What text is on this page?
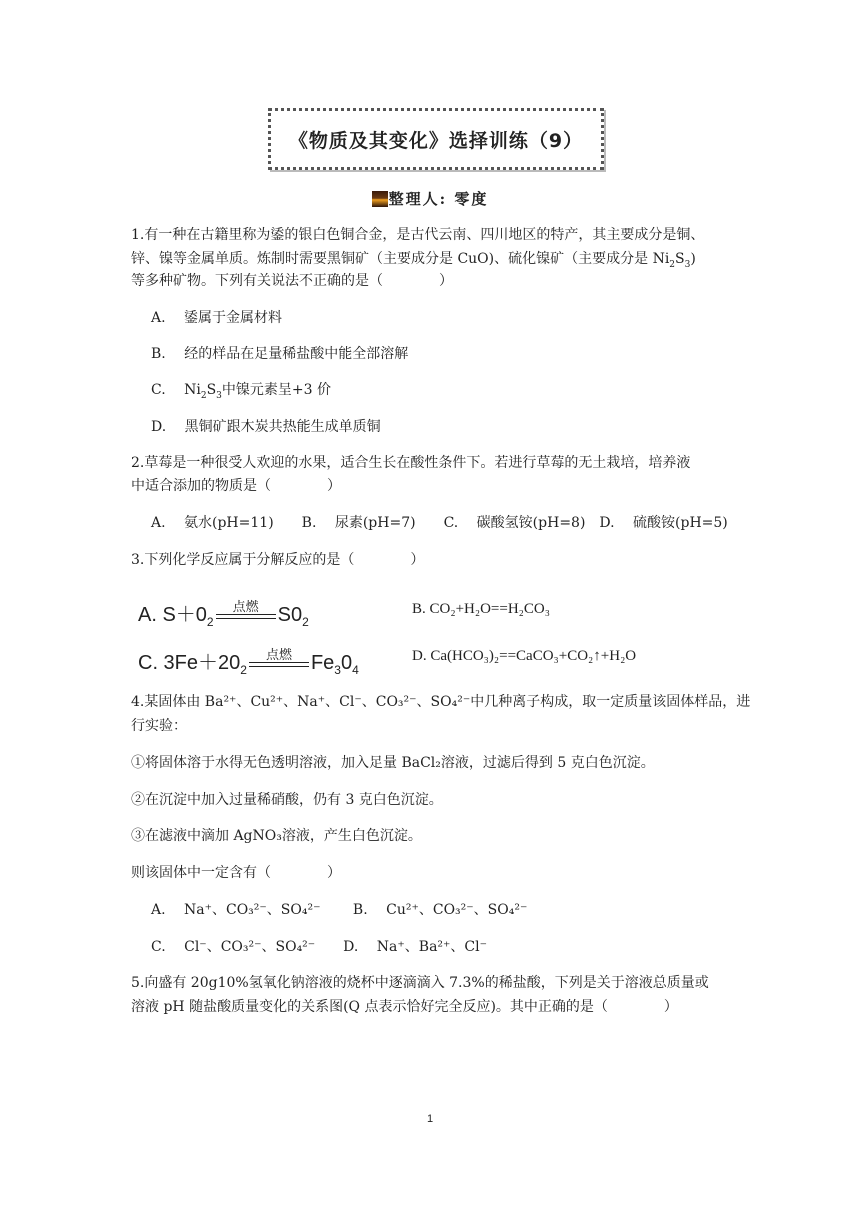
《物质及其变化》选择训练（9）
整理人: 零度
1.有一种在古籍里称为鋈的银白色铜合金，是古代云南、四川地区的特产，其主要成分是铜、
锌、镍等金属单质。炼制时需要黑铜矿（主要成分是 CuO)、硫化镍矿（主要成分是 $Ni_2S_3$)
等多种矿物。下列有关说法不正确的是（　　　　）
A.　 鋈属于金属材料
B.　 经的样品在足量稀盐酸中能全部溶解
C.　 $Ni_2S_3$中镍元素呈+3 价
D.　 黑铜矿跟木炭共热能生成单质铜
2.草莓是一种很受人欢迎的水果，适合生长在酸性条件下。若进行草莓的无土栽培，培养液
中适合添加的物质是（　　　　）
A.　 氨水(pH=11)　　B.　 尿素(pH=7)　　C.　 碳酸氢铵(pH=8)　D.　 硫酸铵(pH=5)
3.下列化学反应属于分解反应的是（　　　　）
A. $S+0_2$
点燃 $S0_2$
B. CO₂+H₂O==H₂CO₃
C. $3Fe+20_2$
点燃 $Fe_30_4$
D. Ca(HCO₃)₂==CaCO₃+CO₂↑+H₂O
4.某固体由 Ba²⁺、Cu²⁺、Na⁺、Cl⁻、CO₃²⁻、SO₄²⁻中几种离子构成，取一定质量该固体样品，进
行实验：
①将固体溶于水得无色透明溶液，加入足量 BaCl₂溶液，过滤后得到 5 克白色沉淀。
②在沉淀中加入过量稀硝酸，仍有 3 克白色沉淀。
③在滤液中滴加 AgNO₃溶液，产生白色沉淀。
则该固体中一定含有（　　　　）
A.　 Na⁺、CO₃²⁻、SO₄²⁻　　 B.　 Cu²⁺、CO₃²⁻、SO₄²⁻
C.　 Cl⁻、CO₃²⁻、SO₄²⁻　　D.　 Na⁺、Ba²⁺、Cl⁻
5.向盛有 20g10%氢氧化钠溶液的烧杯中逐滴滴入 7.3%的稀盐酸，下列是关于溶液总质量或
溶液 pH 随盐酸质量变化的关系图(Q 点表示恰好完全反应)。其中正确的是（　　　　）
1
